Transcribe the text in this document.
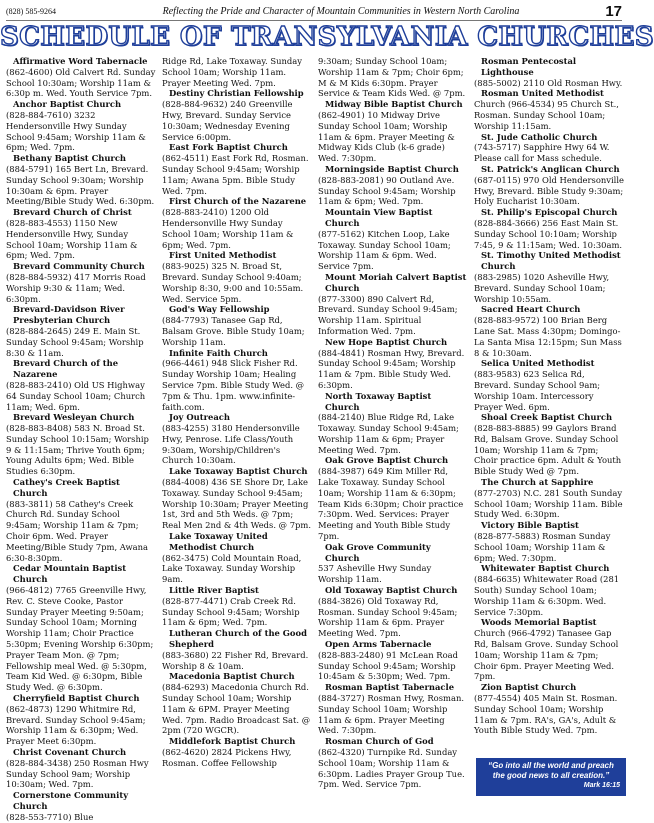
(828) 585-9264	Reflecting the Pride and Character of Mountain Communities in Western North Carolina	17
SCHEDULE OF TRANSYLVANIA CHURCHES
Affirmative Word Tabernacle
(862-4600) Old Calvert Rd. Sunday School 10:30am; Worship 11am & 6:30p m. Wed. Youth Service 7pm.
Anchor Baptist Church
(828-884-7610) 3232 Hendersonville Hwy Sunday School 9:45am; Worship 11am & 6pm; Wed. 7pm.
Bethany Baptist Church
(884-5791) 165 Bert Ln, Brevard. Sunday School 9:30am; Worship 10:30am & 6pm. Prayer Meeting/Bible Study Wed. 6:30pm.
Brevard Church of Christ
(828-883-4553) 1150 New Hendersonville Hwy, Sunday School 10am; Worship 11am & 6pm; Wed. 7pm.
Brevard Community Church
(828-884-5932) 417 Morris Road Worship 9:30 & 11am; Wed. 6:30pm.
Brevard-Davidson River Presbyterian Church
(828-884-2645) 249 E. Main St. Sunday School 9:45am; Worship 8:30 & 11am.
Brevard Church of the Nazarene
(828-883-2410) Old US Highway 64 Sunday School 10am; Church 11am; Wed. 6pm.
Brevard Wesleyan Church
(828-883-8408) 583 N. Broad St. Sunday School 10:15am; Worship 9 & 11:15am; Thrive Youth 6pm; Young Adults 6pm; Wed. Bible Studies 6:30pm.
Cathey's Creek Baptist Church
(883-3811) 58 Cathey's Creek Church Rd. Sunday School 9:45am; Worship 11am & 7pm; Choir 6pm. Wed. Prayer Meeting/Bible Study 7pm, Awana 6:30-8:30pm.
Cedar Mountain Baptist Church
(966-4812) 7765 Greenville Hwy, Rev. C. Steve Cooke, Pastor Sunday Prayer Meeting 9:50am; Sunday School 10am; Morning Worship 11am; Choir Practice 5:30pm; Evening Worship 6:30pm; Prayer Team Mon. @ 7pm; Fellowship meal Wed. @ 5:30pm, Team Kid Wed. @ 6:30pm, Bible Study Wed. @ 6:30pm.
Cherryfield Baptist Church
(862-4873) 1290 Whitmire Rd, Brevard. Sunday School 9:45am; Worship 11am & 6:30pm; Wed. Prayer Meet 6:30pm.
Christ Covenant Church
(828-884-3438) 250 Rosman Hwy Sunday School 9am; Worship 10:30am; Wed. 7pm.
Cornerstone Community Church
(828-553-7710) Blue
Ridge Rd, Lake Toxaway. Sunday School 10am; Worship 11am. Prayer Meeting Wed. 7pm.
Destiny Christian Fellowship
(828-884-9632) 240 Greenville Hwy, Brevard. Sunday Service 10:30am; Wednesday Evening Service 6:00pm.
East Fork Baptist Church
(862-4511) East Fork Rd, Rosman. Sunday School 9:45am; Worship 11am; Awana 5pm. Bible Study Wed. 7pm.
First Church of the Nazarene
(828-883-2410) 1200 Old Hendersonville Hwy Sunday School 10am; Worship 11am & 6pm; Wed. 7pm.
First United Methodist
(883-9025) 325 N. Broad St, Brevard. Sunday School 9:40am; Worship 8:30, 9:00 and 10:55am. Wed. Service 5pm.
God's Way Fellowship
(884-7793) Tanasee Gap Rd, Balsam Grove. Bible Study 10am; Worship 11am.
Infinite Faith Church
(966-4461) 948 Slick Fisher Rd. Sunday Worship 10am; Healing Service 7pm. Bible Study Wed. @ 7pm & Thu. 1pm. www.infinite-faith.com.
Joy Outreach
(883-4255) 3180 Hendersonville Hwy, Penrose. Life Class/Youth 9:30am, Worship/Children's Church 10:30am.
Lake Toxaway Baptist Church
(884-4008) 436 SE Shore Dr, Lake Toxaway. Sunday School 9:45am; Worship 10:30am; Prayer Meeting 1st, 3rd and 5th Weds. @ 7pm; Real Men 2nd & 4th Weds. @ 7pm.
Lake Toxaway United Methodist Church
(862-3475) Cold Mountain Road, Lake Toxaway. Sunday Worship 9am.
Little River Baptist
(828-877-4471) Crab Creek Rd. Sunday School 9:45am; Worship 11am & 6pm; Wed. 7pm.
Lutheran Church of the Good Shepherd
(883-3680) 22 Fisher Rd, Brevard. Worship 8 & 10am.
Macedonia Baptist Church
(884-6293) Macedonia Church Rd. Sunday School 10am; Worship 11am & 6PM. Prayer Meeting Wed. 7pm. Radio Broadcast Sat. @ 2pm (720 WGCR).
Middlefork Baptist Church
(862-4620) 2824 Pickens Hwy, Rosman. Coffee Fellowship
9:30am; Sunday School 10am; Worship 11am & 7pm; Choir 6pm; M & M Kids 6:30pm. Prayer Service & Team Kids Wed. @ 7pm.
Midway Bible Baptist Church
(862-4901) 10 Midway Drive Sunday School 10am; Worship 11am & 6pm. Prayer Meeting & Midway Kids Club (k-6 grade) Wed. 7:30pm.
Morningside Baptist Church
(828-883-2081) 90 Outland Ave. Sunday School 9:45am; Worship 11am & 6pm; Wed. 7pm.
Mountain View Baptist Church
(877-5162) Kitchen Loop, Lake Toxaway. Sunday School 10am; Worship 11am & 6pm. Wed. Service 7pm.
Mount Moriah Calvert Baptist Church
(877-3300) 890 Calvert Rd, Brevard. Sunday School 9:45am; Worship 11am. Spiritual Information Wed. 7pm.
New Hope Baptist Church
(884-4841) Rosman Hwy, Brevard. Sunday School 9:45am; Worship 11am & 7pm. Bible Study Wed. 6:30pm.
North Toxaway Baptist Church
(884-2140) Blue Ridge Rd, Lake Toxaway. Sunday School 9:45am; Worship 11am & 6pm; Prayer Meeting Wed. 7pm.
Oak Grove Baptist Church
(884-3987) 649 Kim Miller Rd, Lake Toxaway. Sunday School 10am; Worship 11am & 6:30pm; Team Kids 6:30pm; Choir practice 7:30pm. Wed. Services: Prayer Meeting and Youth Bible Study 7pm.
Oak Grove Community Church
537 Asheville Hwy Sunday Worship 11am.
Old Toxaway Baptist Church
(884-3826) Old Toxaway Rd, Rosman. Sunday School 9:45am; Worship 11am & 6pm. Prayer Meeting Wed. 7pm.
Open Arms Tabernacle
(828-883-2480) 91 McLean Road Sunday School 9:45am; Worship 10:45am & 5:30pm; Wed. 7pm.
Rosman Baptist Tabernacle
(884-3727) Rosman Hwy, Rosman. Sunday School 10am; Worship 11am & 6pm. Prayer Meeting Wed. 7:30pm.
Rosman Church of God
(862-4320) Turnpike Rd. Sunday School 10am; Worship 11am & 6:30pm. Ladies Prayer Group Tue. 7pm. Wed. Service 7pm.
Rosman Pentecostal Lighthouse
(885-5002) 2110 Old Rosman Hwy.
Rosman United Methodist
Church (966-4534) 95 Church St., Rosman. Sunday School 10am; Worship 11:15am.
St. Jude Catholic Church
(743-5717) Sapphire Hwy 64 W. Please call for Mass schedule.
St. Patrick's Anglican Church
(687-0115) 970 Old Hendersonville Hwy, Brevard. Bible Study 9:30am; Holy Eucharist 10:30am.
St. Philip's Episcopal Church
(828-884-3666) 256 East Main St. Sunday School 10:10am; Worship 7:45, 9 & 11:15am; Wed. 10:30am.
St. Timothy United Methodist Church
(883-2985) 1020 Asheville Hwy, Brevard. Sunday School 10am; Worship 10:55am.
Sacred Heart Church
(828-883-9572) 100 Brian Berg Lane Sat. Mass 4:30pm; Domingo-La Santa Misa 12:15pm; Sun Mass 8 & 10:30am.
Selica United Methodist
(883-9583) 623 Selica Rd, Brevard. Sunday School 9am; Worship 10am. Intercessory Prayer Wed. 6pm.
Shoal Creek Baptist Church
(828-883-8885) 99 Gaylors Brand Rd, Balsam Grove. Sunday School 10am; Worship 11am & 7pm; Choir practice 6pm. Adult & Youth Bible Study Wed @ 7pm.
The Church at Sapphire
(877-2703) N.C. 281 South Sunday School 10am; Worship 11am. Bible Study Wed. 6:30pm.
Victory Bible Baptist
(828-877-5883) Rosman Sunday School 10am; Worship 11am & 6pm; Wed. 7:30pm.
Whitewater Baptist Church
(884-6635) Whitewater Road (281 South) Sunday School 10am; Worship 11am & 6:30pm. Wed. Service 7:30pm.
Woods Memorial Baptist
Church (966-4792) Tanasee Gap Rd, Balsam Grove. Sunday School 10am; Worship 11am & 7pm; Choir 6pm. Prayer Meeting Wed. 7pm.
Zion Baptist Church
(877-4554) 405 Main St. Rosman. Sunday School 10am; Worship 11am & 7pm. RA's, GA's, Adult & Youth Bible Study Wed. 7pm.
“Go into all the world and preach the good news to all creation.”
Mark 16:15
